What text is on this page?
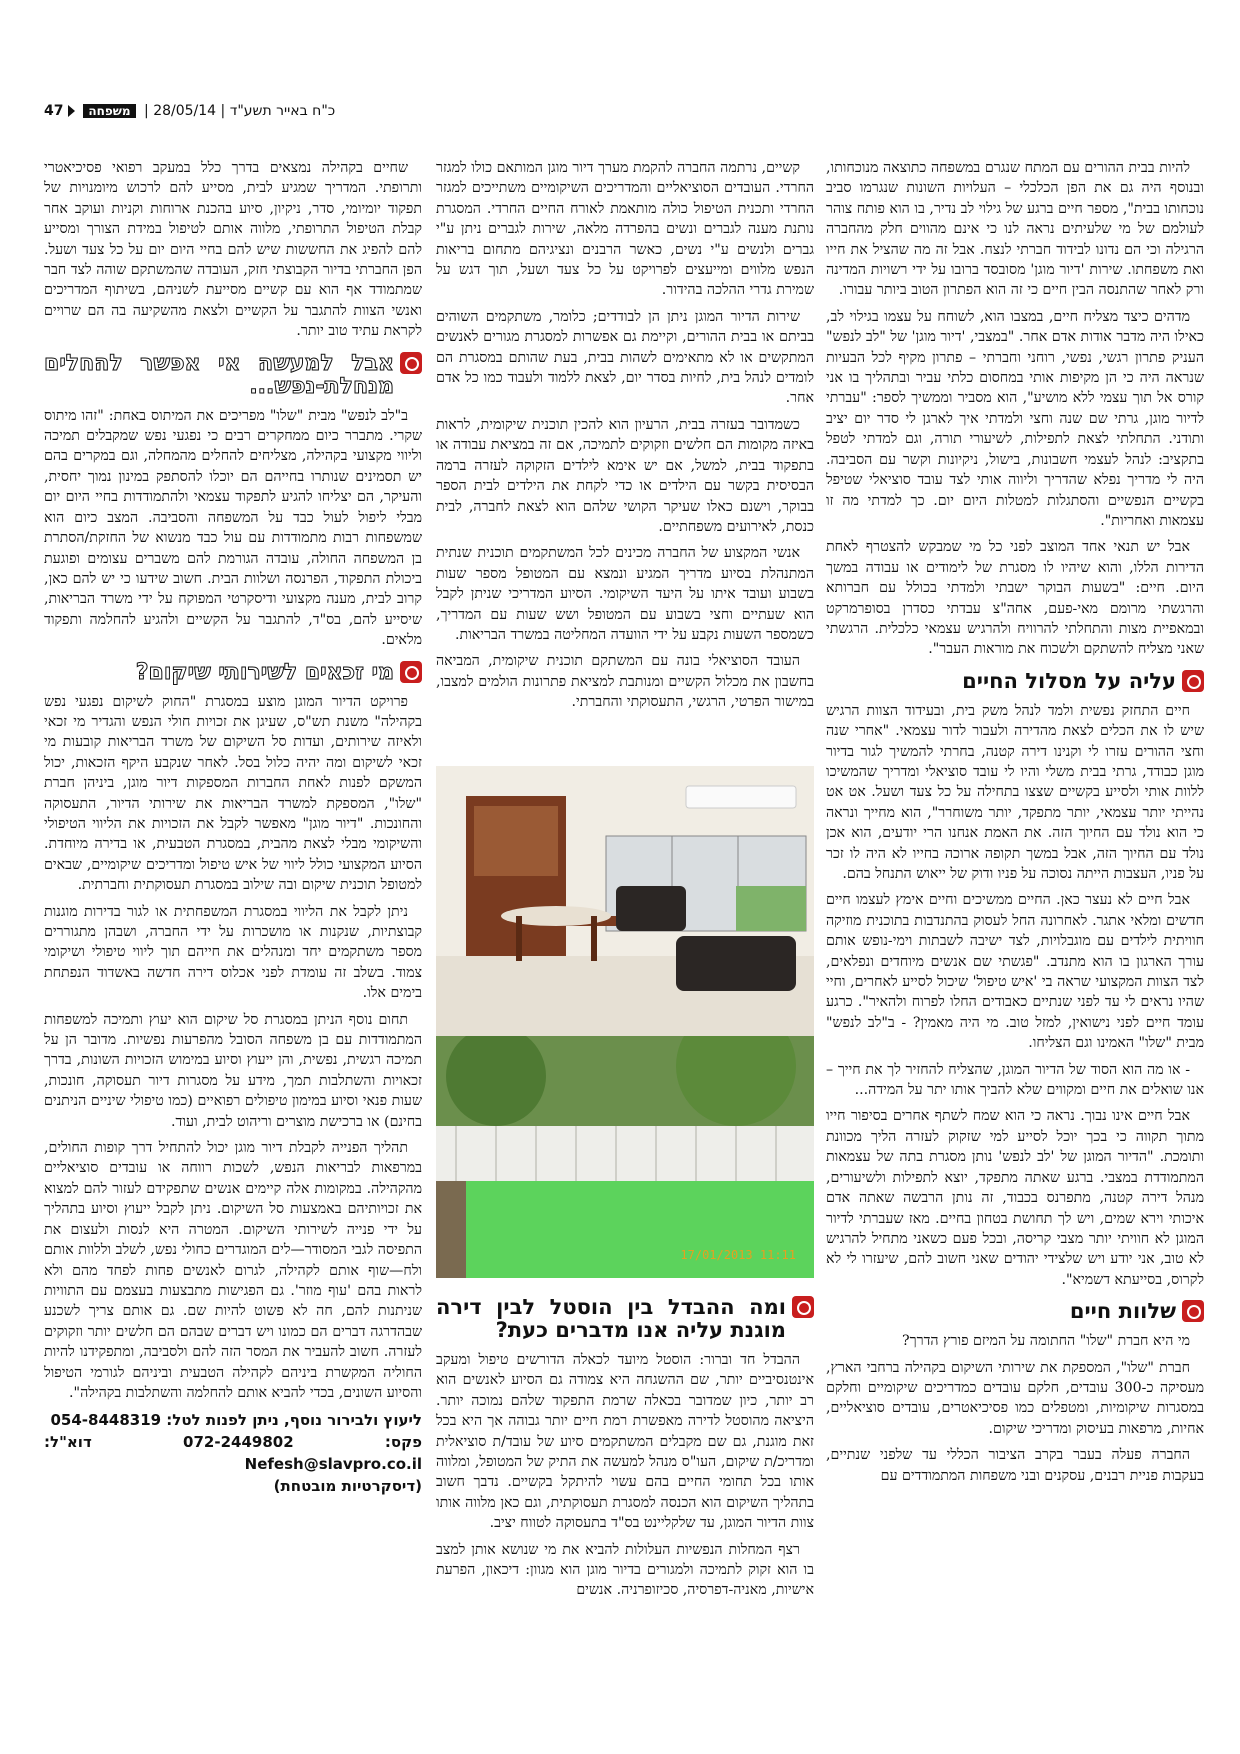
47 משפחה | 28/05/14 | כ"ח באייר תשע"ד

להיות בבית ההורים עם המתח שנגרם במשפחה כתוצאה מנוכחותו, ובנוסף היה גם את הפן הכלכלי – העלויות השונות שנגרמו סביב נוכחותו בבית", מספר חיים ברגע של גילוי לב נדיר, בו הוא פותח צוהר לעולמם של מי שלעיתים נראה לנו כי אינם מהווים חלק מהחברה הרגילה וכי הם נדונו לבידוד חברתי לנצח. אבל זה מה שהציל את חייו ואת משפחתו. שירות 'דיור מוגן' מסובסד ברובו על ידי רשויות המדינה ורק לאחר שהתנסה הבין חיים כי זה הוא הפתרון הטוב ביותר עבורו.

מדהים כיצד מצליח חיים, במצבו הוא, לשוחח על עצמו בגילוי לב, כאילו היה מדבר אודות אדם אחר. "במצבי, 'דיור מוגן' של "לב לנפש" העניק פתרון רגשי, נפשי, רוחני וחברתי – פתרון מקיף לכל הבעיות שנראה היה כי הן מקיפות אותי במחסום כלתי עביר ובתהליך בו אני קורס אל תוך עצמי ללא מושיע", הוא מסביר וממשיך לספר: "עברתי לדיור מוגן, גרתי שם שנה וחצי ולמדתי איך לארגן לי סדר יום יציב ותודני. התחלתי לצאת לתפילות, לשיעורי תורה, וגם למדתי לטפל בתקציב: לנהל לעצמי חשבונות, בישול, ניקיונות וקשר עם הסביבה. היה לי מדריך נפלא שהדריך וליווה אותי לצד עובד סוציאלי שטיפל בקשיים הנפשיים והסתגלות למטלות היום יום. כך למדתי מה זו עצמאות ואחריות".

אבל יש תנאי אחד המוצב לפני כל מי שמבקש להצטרף לאחת הדירות הללו, והוא שיהיו לו מסגרת של לימודים או עבודה במשך היום. חיים: "בשעות הבוקר ישבתי ולמדתי בכולל עם חברותא והרגשתי מרומם מאי-פעם, אחה"צ עבדתי כסדרן בסופרמרקט ובמאפיית מצות והתחלתי להרוויח ולהרגיש עצמאי כלכלית. הרגשתי שאני מצליח להשתקם ולשכוח את מוראות העבר".

עליה על מסלול החיים

חיים התחזק נפשית ולמד לנהל משק בית, ובעידוד הצוות הרגיש שיש לו את הכלים לצאת מהדירה ולעבור לדור עצמאי. "אחרי שנה וחצי ההורים עזרו לי וקנינו דירה קטנה, בחרתי להמשיך לגור בדיור מוגן כבודד, גרתי בבית משלי והיו לי עובד סוציאלי ומדריך שהמשיכו ללוות אותי ולסייע בקשיים שצצו בתחילה על כל צעד ושעל. אט אט נהייתי יותר עצמאי, יותר מתפקד, יותר משוחרר", הוא מחייך ונראה כי הוא נולד עם החיוך הזה. את האמת אנחנו הרי יודעים, הוא אכן נולד עם החיוך הזה, אבל במשך תקופה ארוכה בחייו לא היה לו זכר על פניו, העצבות הייתה נסוכה על פניו ודוק של ייאוש התנחל בהם.

אבל חיים לא נעצר כאן. החיים ממשיכים וחיים אימץ לעצמו חיים חדשים ומלאי אתגר. לאחרונה החל לעסוק בהתנדבות בתוכנית מוזיקה חוויתית לילדים עם מוגבלויות, לצד ישיבה לשבתות וימי-נופש אותם עורך הארגון בו הוא מתנדב. "פגשתי שם אנשים מיוחדים ונפלאים, לצד הצוות המקצועי שראה בי 'איש טיפול' שיכול לסייע לאחרים, וחיי שהיו נראים לי עד לפני שנתיים כאבודים החלו לפרוח ולהאיר". כרגע עומד חיים לפני נישואין, למזל טוב. מי היה מאמין? - ב"לב לנפש" מבית "שלו" האמינו וגם הצליחו.

- או מה הוא הסוד של הדיור המוגן, שהצליח להחזיר לך את חייך – אנו שואלים את חיים ומקווים שלא להביך אותו יתר על המידה...

אבל חיים אינו נבוך. נראה כי הוא שמח לשתף אחרים בסיפור חייו מתוך תקווה כי בכך יוכל לסייע למי שזקוק לעזרה הליך מכוונת ותומכת. "הדיור המוגן של 'לב לנפש' נותן מסגרת בתה של עצמאות המתמודדת במצבי. ברגע שאתה מתפקד, יוצא לתפילות ולשיעורים, מנהל דירה קטנה, מתפרנס בכבוד, זה נותן הרבשה שאתה אדם איכותי וירא שמים, ויש לך תחושת בטחון בחיים. מאז שעברתי לדיור המוגן לא חוויתי יותר מצבי קריסה, ובכל פעם כשאני מתחיל להרגיש לא טוב, אני יודע ויש שלצידי יהודים שאני חשוב להם, שיעזרו לי לא לקרוס, בסייעתא דשמיא".

שלוות חיים

מי היא חברת "שלו" החתומה על המיזם פורץ הדרך?

חברת "שלו", המספקת את שירותי השיקום בקהילה ברחבי הארץ, מעסיקה כ-300 עובדים, חלקם עובדים כמדריכים שיקומיים וחלקם במסגרות שיקומיות, ומטפלים כמו פסיכיאטרים, עובדים סוציאליים, אחיות, מרפאות בעיסוק ומדריכי שיקום.

החברה פעלה בעבר בקרב הציבור הכללי עד שלפני שנתיים, בעקבות פניית רבנים, עסקנים ובני משפחות המתמודדים עם

קשיים, נרתמה החברה להקמת מערך דיור מוגן המותאם כולו למגזר החרדי. העובדים הסוציאליים והמדריכים השיקומיים משתייכים למגזר החרדי ותכנית הטיפול כולה מותאמת לאורח החיים החרדי. המסגרת נותנת מענה לגברים ונשים בהפרדה מלאה, שירות לגברים ניתן ע"י גברים ולנשים ע"י נשים, כאשר הרבנים ונציגיהם מתחום בריאות הנפש מלווים ומייעצים לפרויקט על כל צעד ושעל, תוך דגש על שמירת גדרי ההלכה בהידור.

שירות הדיור המוגן ניתן הן לבודדים; כלומר, משתקמים השוהים בביתם או בבית ההורים, וקיימת גם אפשרות למסגרת מגורים לאנשים המתקשים או לא מתאימים לשהות בבית, בעת שהותם במסגרת הם לומדים לנהל בית, לחיות בסדר יום, לצאת ללמוד ולעבוד כמו כל אדם אחר.

כשמדובר בעזרה בבית, הרעיון הוא להכין תוכנית שיקומית, לראות באיזה מקומות הם חלשים וזקוקים לתמיכה, אם זה במציאת עבודה או בתפקוד בבית, למשל, אם יש אימא לילדים הזקוקה לעזרה ברמה הבסיסית בקשר עם הילדים או כדי לקחת את הילדים לבית הספר בבוקר, וישנם כאלו שעיקר הקושי שלהם הוא לצאת לחברה, לבית כנסת, לאירועים משפחתיים.

אנשי המקצוע של החברה מכינים לכל המשתקמים תוכנית שנתית המתנהלת בסיוע מדריך המגיע ונמצא עם המטופל מספר שעות בשבוע ועובד איתו על היעד השיקומי. הסיוע המדריכי שניתן לקבל הוא שעתיים וחצי בשבוע עם המטופל ושש שעות עם המדריך, כשמספר השעות נקבע על ידי הוועדה המחליטה במשרד הבריאות.

העובד הסוציאלי בונה עם המשתקם תוכנית שיקומית, המביאה בחשבון את מכלול הקשיים ומנותבת למציאת פתרונות הולמים למצבו, במישור הפרטי, הרגשי, התעסוקתי והחברתי.

17/01/2013 11:11
ומה ההבדל בין הוסטל לבין דירה מוגנת עליה אנו מדברים כעת?

ההבדל חד וברור: הוסטל מיועד לכאלה הדורשים טיפול ומעקב אינטנסיביים יותר, שם ההשגחה היא צמודה גם הסיוע לאנשים הוא רב יותר, כיון שמדובר בכאלה שרמת התפקוד שלהם נמוכה יותר. היציאה מהוסטל לדירה מאפשרת רמת חיים יותר גבוהה אך היא בכל זאת מוגנת, גם שם מקבלים המשתקמים סיוע של עובד/ת סוציאלית ומדריכ/ת שיקום, העו"ס מנהל למעשה את התיק של המטופל, ומלווה אותו בכל תחומי החיים בהם עשוי להיתקל בקשיים. נדבך חשוב בתהליך השיקום הוא הכנסה למסגרת תעסוקתית, וגם כאן מלווה אותו צוות הדיור המוגן, עד שלקליינט בס"ד בתעסוקה לטווח יציב.

רצף המחלות הנפשיות העלולות להביא את מי שנושא אותן למצב בו הוא זקוק לתמיכה ולמגורים בדיור מוגן הוא מגוון: דיכאון, הפרעת אישיות, מאניה-דפרסיה, סכיזופרניה. אנשים

שחיים בקהילה נמצאים בדרך כלל במעקב רפואי פסיכיאטרי ותרופתי. המדריך שמגיע לבית, מסייע להם לרכוש מיומנויות של תפקוד יומיומי, סדר, ניקיון, סיוע בהכנת ארוחות וקניות ועוקב אחר קבלת הטיפול התרופתי, מלווה אותם לטיפול במידת הצורך ומסייע להם להפיג את החששות שיש להם בחיי היום יום על כל צעד ושעל. הפן החברתי בדיור הקבוצתי חזק, העובדה שהמשתקם שוהה לצד חבר שמתמודד אף הוא עם קשיים מסייעת לשניהם, בשיתוף המדריכים ואנשי הצוות להתגבר על הקשיים ולצאת מהשקיעה בה הם שרויים לקראת עתיד טוב יותר.

אבל למעשה אי אפשר להחלים מנחלת-נפש...

ב"לב לנפש" מבית "שלו" מפריכים את המיתוס באחת: "זהו מיתוס שקרי. מתברר כיום ממחקרים רבים כי נפגעי נפש שמקבלים תמיכה וליווי מקצועי בקהילה, מצליחים להחלים מהמחלה, וגם במקרים בהם יש תסמינים שנותרו בחייהם הם יוכלו להסתפק במינון נמוך יחסית, והעיקר, הם יצליחו להגיע לתפקוד עצמאי ולהתמודדות בחיי היום יום מבלי ליפול לעול כבד על המשפחה והסביבה. המצב כיום הוא שמשפחות רבות מתמודדות עם עול כבד מנשוא של החזקת/הסתרת בן המשפחה החולה, עובדה הגורמת להם משברים עצומים ופוגעת ביכולת התפקוד, הפרנסה ושלוות הבית. חשוב שידעו כי יש להם כאן, קרוב לבית, מענה מקצועי ודיסקרטי המפוקח על ידי משרד הבריאות, שיסייע להם, בס"ד, להתגבר על הקשיים ולהגיע להחלמה ותפקוד מלאים.

מי זכאים לשירותי שיקום?

פרויקט הדיור המוגן מוצע במסגרת "החוק לשיקום נפגעי נפש בקהילה" משנת תש"ס, שעיגן את זכויות חולי הנפש והגדיר מי זכאי ולאיזה שירותים, ועדות סל השיקום של משרד הבריאות קובעות מי זכאי לשיקום ומה יהיה כלול בסל. לאחר שנקבע היקף הזכאות, יכול המשקם לפנות לאחת החברות המספקות דיור מוגן, ביניהן חברת "שלו", המספקת למשרד הבריאות את שירותי הדיור, התעסוקה והחונכות. "דיור מוגן" מאפשר לקבל את הזכויות את הליווי הטיפולי והשיקומי מבלי לצאת מהבית, במסגרת הטבעית, או בדירה מיוחדת. הסיוע המקצועי כולל ליווי של איש טיפול ומדריכים שיקומיים, שבאים למטופל תוכנית שיקום ובה שילוב במסגרת תעסוקתית וחברתית.

ניתן לקבל את הליווי במסגרת המשפחתית או לגור בדירות מוגנות קבוצתיות, שנקנות או מושכרות על ידי החברה, ושבהן מתגוררים מספר משתקמים יחד ומנהלים את חייהם תוך ליווי טיפולי ושיקומי צמוד. בשלב זה עומדת לפני אכלוס דירה חדשה באשדוד הנפתחת בימים אלו.

תחום נוסף הניתן במסגרת סל שיקום הוא יעוץ ותמיכה למשפחות המתמודדות עם בן משפחה הסובל מהפרעות נפשיות. מדובר הן על תמיכה רגשית, נפשית, והן ייעוץ וסיוע במימוש הזכויות השונות, בדרך זכאויות והשתלבות תמך, מידע על מסגרות דיור תעסוקה, חונכות, שעות פנאי וסיוע במימון טיפולים רפואיים (כמו טיפולי שיניים הניתנים בחינם) או ברכישת מוצרים וריהוט לבית, ועוד.

תהליך הפנייה לקבלת דיור מוגן יכול להתחיל דרך קופות החולים, במרפאות לבריאות הנפש, לשכות רווחה או עובדים סוציאליים מהקהילה. במקומות אלה קיימים אנשים שתפקידם לעזור להם למצוא את זכויותיהם באמצעות סל השיקום. ניתן לקבל ייעוץ וסיוע בתהליך על ידי פנייה לשירותי השיקום. המטרה היא לנסות ולעצום את התפיסה לגבי המסודר—לים המוגדרים כחולי נפש, לשלב וללוות אותם ולח—שוף אותם לקהילה, לגרום לאנשים פחות לפחד מהם ולא לראות בהם 'עוף מוזר'. גם הפגישות מתבצעות בעצמם עם התוויות שניתנות להם, חה לא פשוט להיות שם. גם אותם צריך לשכנע שבהדרגה דברים הם כמונו ויש דברים שבהם הם חלשים יותר וזקוקים לעזרה. חשוב להעביר את המסר הזה להם ולסביבה, ומתפקידנו להיות החוליה המקשרת ביניהם לקהילה הטבעית וביניהם לגורמי הטיפול והסיוע השונים, בכדי להביא אותם להחלמה והשתלבות בקהילה".

ליעוץ ולבירור נוסף, ניתן לפנות לטל: 054-8448319
פקס: 072-2449802 דוא"ל: Nefesh@slavpro.co.il
(דיסקרטיות מובטחת)
